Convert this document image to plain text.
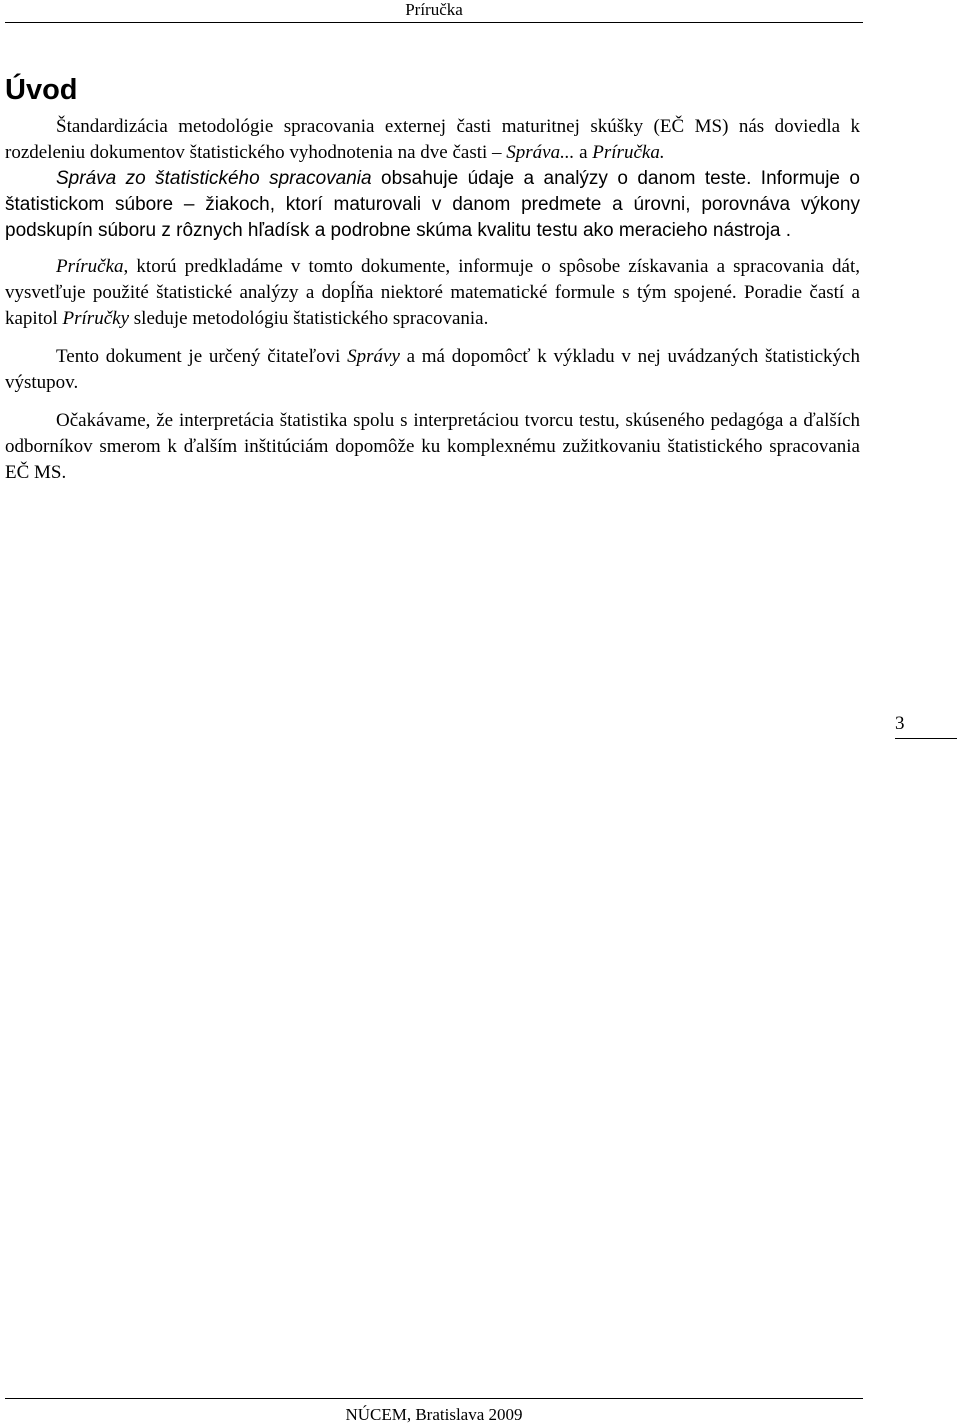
Príručka
Úvod

Štandardizácia metodológie spracovania externej časti maturitnej skúšky (EČ MS) nás doviedla k rozdeleniu dokumentov štatistického vyhodnotenia na dve časti – Správa... a Príručka.

Správa zo štatistického spracovania obsahuje údaje a analýzy o danom teste. Informuje o štatistickom súbore – žiakoch, ktorí maturovali v danom predmete a úrovni, porovnáva výkony podskupín súboru z rôznych hľadísk a podrobne skúma kvalitu testu ako meracieho nástroja .

Príručka, ktorú predkladáme v tomto dokumente, informuje o spôsobe získavania a spracovania dát, vysvetľuje použité štatistické analýzy a dopĺňa niektoré matematické formule s tým spojené. Poradie častí a kapitol Príručky sleduje metodológiu štatistického spracovania.

Tento dokument je určený čitateľovi Správy a má dopomôcť k výkladu v nej uvádzaných štatistických výstupov.

Očakávame, že interpretácia štatistika spolu s interpretáciou tvorcu testu, skúseného pedagóga a ďalších odborníkov smerom k ďalším inštitúciám dopomôže ku komplexnému zužitkovaniu štatistického spracovania EČ MS.

3
NÚCEM, Bratislava 2009
